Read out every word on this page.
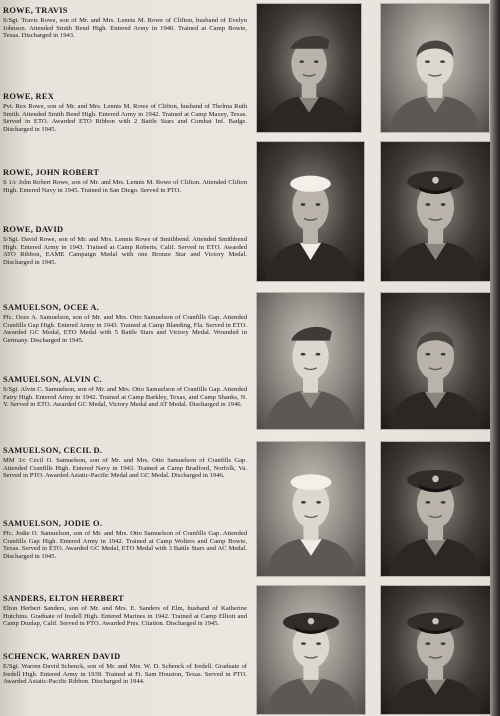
ROWE, TRAVIS
S/Sgt. Travis Rowe, son of Mr. and Mrs. Lennis M. Rowe of Clifton, husband of Evelyn Johnson. Attended Smith Bend High. Entered Army in 1940. Trained at Camp Bowie, Texas. Discharged in 1943.
ROWE, REX
Pvt. Rex Rowe, son of Mr. and Mrs. Lennis M. Rowe of Clifton, husband of Thelma Ruth Smith. Attended Smith Bend High. Entered Army in 1942. Trained at Camp Maxey, Texas. Served in ETO. Awarded ETO Ribbon with 2 Battle Stars and Combat Inf. Badge. Discharged in 1945.
ROWE, JOHN ROBERT
S 1/c John Robert Rowe, son of Mr. and Mrs. Lennis M. Rowe of Clifton. Attended Clifton High. Entered Navy in 1945. Trained in San Diego. Served in PTO.
ROWE, DAVID
S/Sgt. David Rowe, son of Mr. and Mrs. Lennis Rowe of Smithbend. Attended Smithbend High. Entered Army in 1943. Trained at Camp Roberts, Calif. Served in ETO. Awarded ATO Ribbon, EAME Campaign Medal with one Bronze Star and Victory Medal. Discharged in 1945.
SAMUELSON, OCEE A.
Pfc. Ocee A. Samuelson, son of Mr. and Mrs. Otto Samuelson of Cranfills Gap. Attended Cranfills Gap High. Entered Army in 1943. Trained at Camp Blanding, Fla. Served in ETO. Awarded GC Medal, ETO Medal with 5 Battle Stars and Victory Medal. Wounded in Germany. Discharged in 1945.
SAMUELSON, ALVIN C.
S/Sgt. Alvin C. Samuelson, son of Mr. and Mrs. Otto Samuelson of Cranfills Gap. Attended Fairy High. Entered Army in 1942. Trained at Camp Barkley, Texas, and Camp Shanks, N. Y. Served in ETO. Awarded GC Medal, Victory Medal and AT Medal. Discharged in 1946.
SAMUELSON, CECIL D.
MM 3/c Cecil O. Samuelson, son of Mr. and Mrs. Otto Samuelson of Cranfills Gap. Attended Cranfills High. Entered Navy in 1943. Trained at Camp Bradford, Norfolk, Va. Served in PTO. Awarded Asiatic-Pacific Medal and GC Medal. Discharged in 1946.
SAMUELSON, JODIE O.
Pfc. Jodie O. Samuelson, son of Mr. and Mrs. Otto Samuelson of Cranfills Gap. Attended Cranfills Gap High. Entered Army in 1942. Trained at Camp Wolters and Camp Bowie, Texas. Served in ETO. Awarded GC Medal, ETO Medal with 3 Battle Stars and AC Medal. Discharged in 1945.
SANDERS, ELTON HERBERT
Elton Herbert Sanders, son of Mr. and Mrs. E. Sanders of Elm, husband of Katherine Hutchins. Graduate of Iredell High. Entered Marines in 1942. Trained at Camp Elliott and Camp Dunlap, Calif. Served in PTO. Awarded Pres. Citation. Discharged in 1945.
SCHENCK, WARREN DAVID
E/Sgt. Warren David Schenck, son of Mr. and Mrs. W. D. Schenck of Iredell. Graduate of Iredell High. Entered Army in 1939. Trained at Ft. Sam Houston, Texas. Served in PTO. Awarded Asiatic-Pacific Ribbon. Discharged in 1944.
